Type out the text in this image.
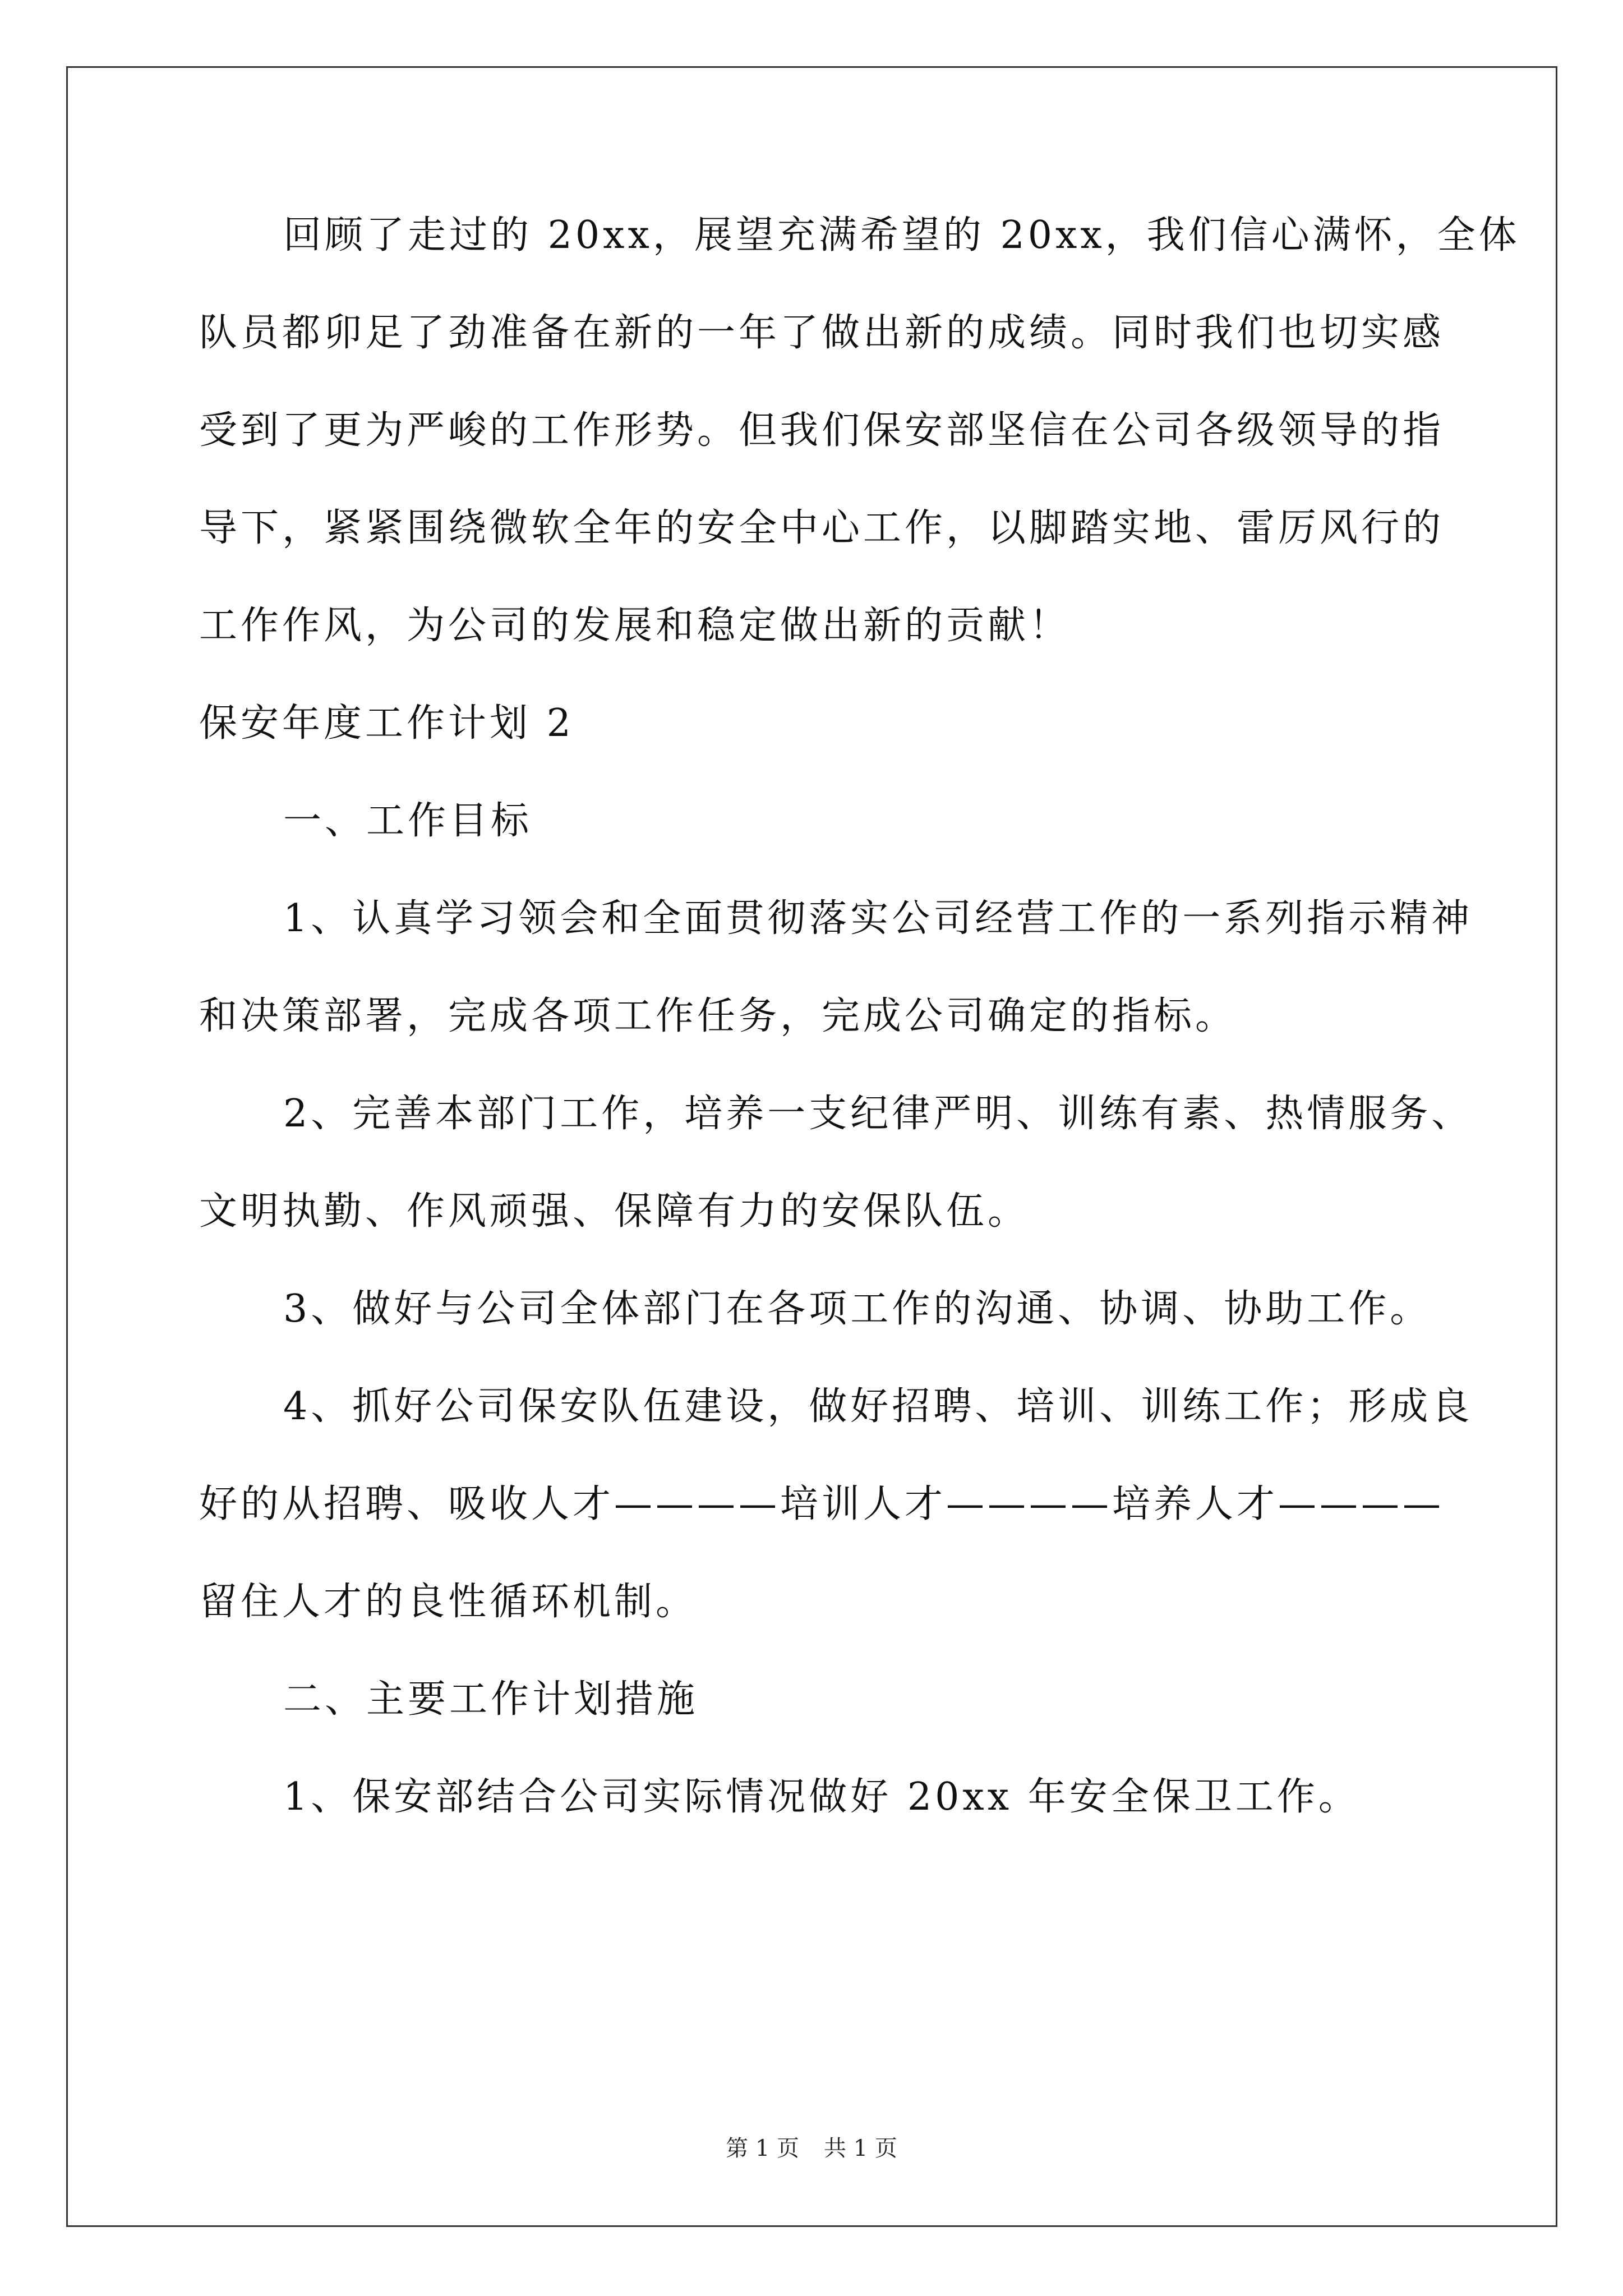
回顾了走过的 20xx，展望充满希望的 20xx，我们信心满怀，全体
队员都卯足了劲准备在新的一年了做出新的成绩。同时我们也切实感
受到了更为严峻的工作形势。但我们保安部坚信在公司各级领导的指
导下，紧紧围绕微软全年的安全中心工作，以脚踏实地、雷厉风行的
工作作风，为公司的发展和稳定做出新的贡献！
保安年度工作计划 2
一、工作目标
1、认真学习领会和全面贯彻落实公司经营工作的一系列指示精神
和决策部署，完成各项工作任务，完成公司确定的指标。
2、完善本部门工作，培养一支纪律严明、训练有素、热情服务、
文明执勤、作风顽强、保障有力的安保队伍。
3、做好与公司全体部门在各项工作的沟通、协调、协助工作。
4、抓好公司保安队伍建设，做好招聘、培训、训练工作；形成良
好的从招聘、吸收人才————培训人才————培养人才————
留住人才的良性循环机制。
二、主要工作计划措施
1、保安部结合公司实际情况做好 20xx 年安全保卫工作。
第 1 页 共 1 页
